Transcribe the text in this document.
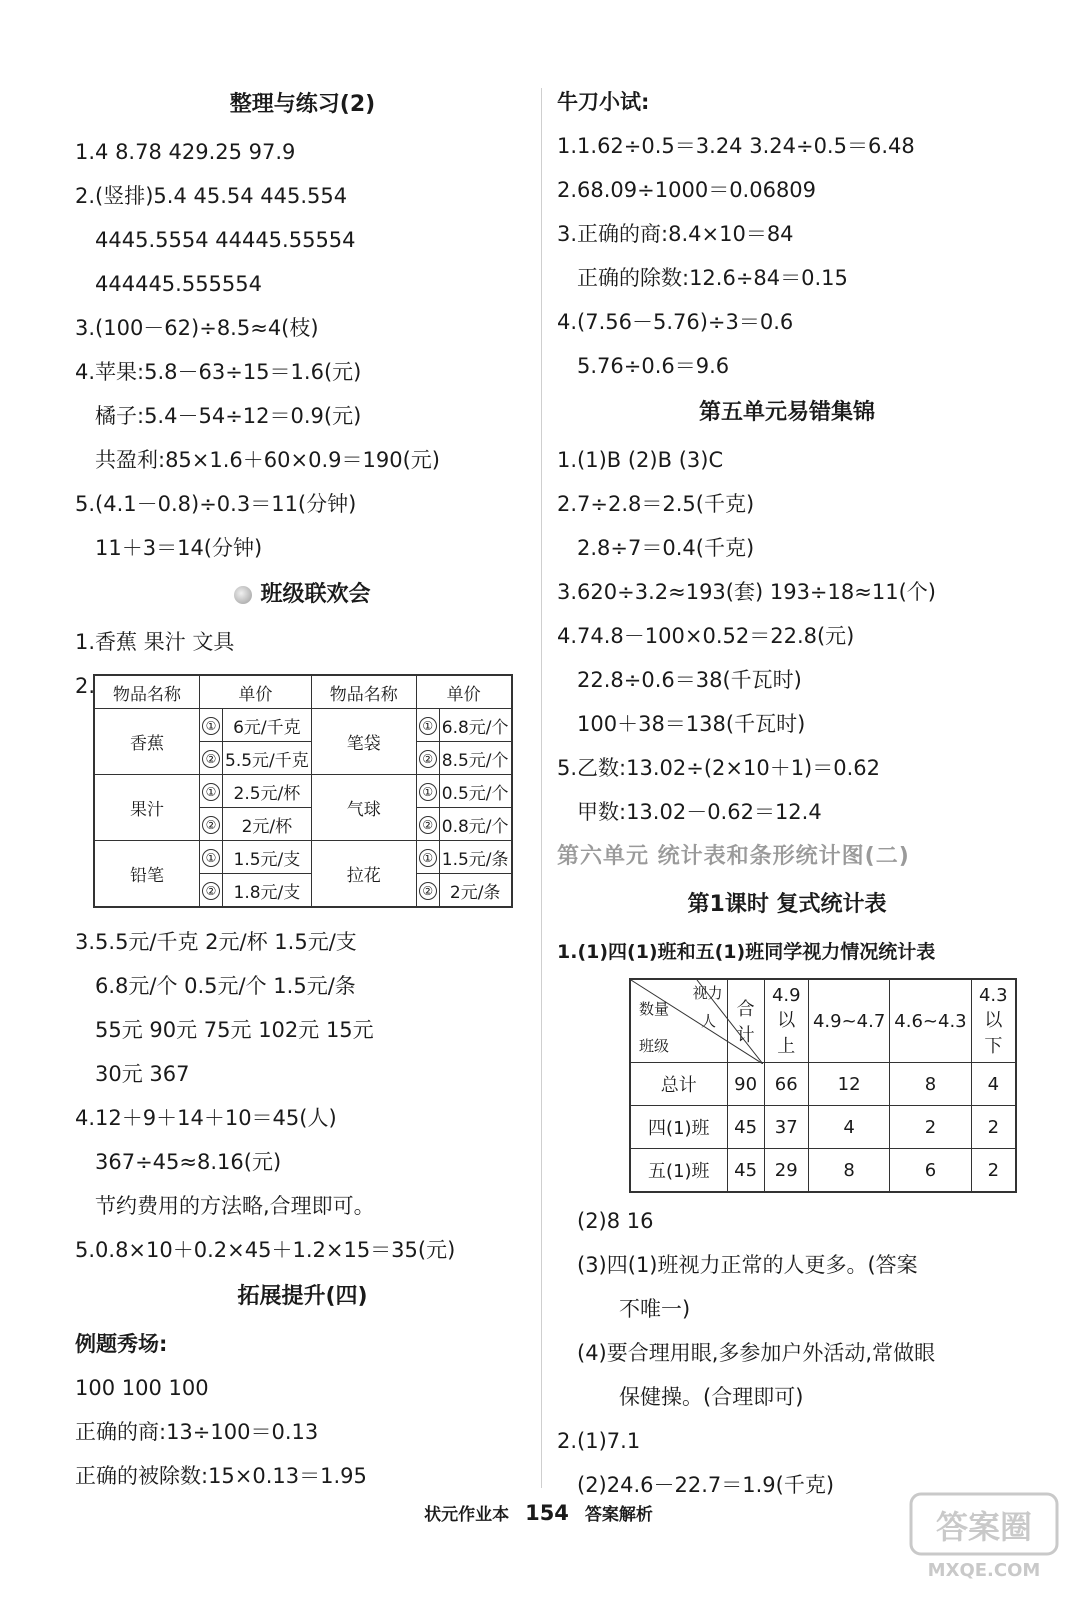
整理与练习(2)
1.4 8.78 429.25 97.9
2.(竖排)5.4 45.54 445.554
4445.5554 44445.55554
444445.555554
3.(100－62)÷8.5≈4(枝)
4.苹果:5.8－63÷15＝1.6(元)
橘子:5.4－54÷12＝0.9(元)
共盈利:85×1.6＋60×0.9＝190(元)
5.(4.1－0.8)÷0.3＝11(分钟)
11＋3＝14(分钟)
班级联欢会
1.香蕉 果汁 文具
2.	物品名称	单价		物品名称	单价	
香蕉	①	6元/千克	笔袋	①	6.8元/个
	②	5.5元/千克		②	8.5元/个
果汁	①	2.5元/杯	气球	①	0.5元/个
	②	2元/杯		②	0.8元/个
铅笔	①	1.5元/支	拉花	①	1.5元/条
	②	1.8元/支		②	2元/条
3.5.5元/千克 2元/杯 1.5元/支
6.8元/个 0.5元/个 1.5元/条
55元 90元 75元 102元 15元
30元 367
4.12＋9＋14＋10＝45(人)
367÷45≈8.16(元)
节约费用的方法略,合理即可。
5.0.8×10＋0.2×45＋1.2×15＝35(元)
拓展提升(四)
例题秀场:
100 100 100
正确的商:13÷100＝0.13
正确的被除数:15×0.13＝1.95
牛刀小试:
1.1.62÷0.5＝3.24 3.24÷0.5＝6.48
2.68.09÷1000＝0.06809
3.正确的商:8.4×10＝84
正确的除数:12.6÷84＝0.15
4.(7.56－5.76)÷3＝0.6
5.76÷0.6＝9.6
第五单元易错集锦
1.(1)B (2)B (3)C
2.7÷2.8＝2.5(千克)
2.8÷7＝0.4(千克)
3.620÷3.2≈193(套) 193÷18≈11(个)
4.74.8－100×0.52＝22.8(元)
22.8÷0.6＝38(千瓦时)
100＋38＝138(千瓦时)
5.乙数:13.02÷(2×10＋1)＝0.62
甲数:13.02－0.62＝12.4
第六单元 统计表和条形统计图(二)
第1课时 复式统计表
1.(1)四(1)班和五(1)班同学视力情况统计表
视力
数量
人
班级	合计	4.9以上	4.9~4.7	4.6~4.3	4.3以下
总计	90	66	12	8	4
四(1)班	45	37	4	2	2
五(1)班	45	29	8	6	2
(2)8 16
(3)四(1)班视力正常的人更多。(答案
不唯一)
(4)要合理用眼,多参加户外活动,常做眼
保健操。(合理即可)
2.(1)7.1
(2)24.6－22.7＝1.9(千克)
状元作业本 154 答案解析	答案圈
MXQE.COM
